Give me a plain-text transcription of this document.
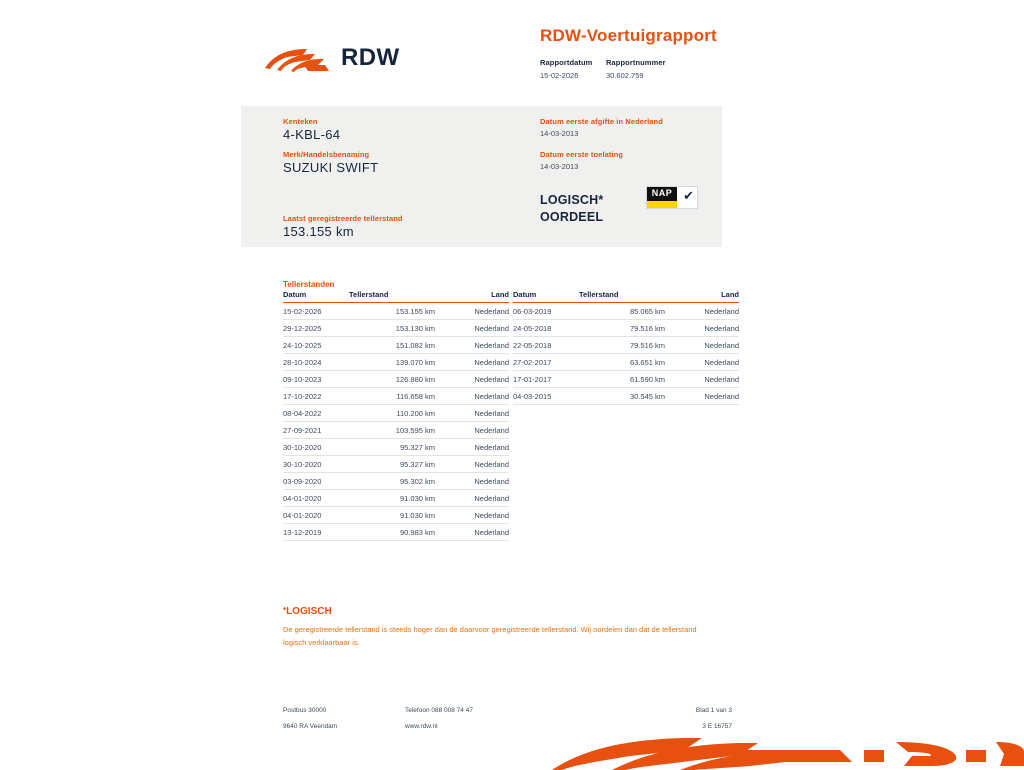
RDW
RDW-Voertuigrapport
Rapportdatum
15-02-2026
Rapportnummer
30.602.759
Kenteken
4-KBL-64
Merk/Handelsbenaming
SUZUKI SWIFT
Laatst geregistreerde tellerstand
153.155 km
Datum eerste afgifte in Nederland
14-03-2013
Datum eerste toelating
14-03-2013
LOGISCH*
OORDEEL
NAP ✔
Tellerstanden
Datum	Tellerstand	Land
15-02-2026	153.155 km	Nederland
29-12-2025	153.130 km	Nederland
24-10-2025	151.082 km	Nederland
28-10-2024	139.070 km	Nederland
09-10-2023	126.880 km	Nederland
17-10-2022	116.658 km	Nederland
08-04-2022	110.200 km	Nederland
27-09-2021	103.595 km	Nederland
30-10-2020	95.327 km	Nederland
30-10-2020	95.327 km	Nederland
03-09-2020	95.302 km	Nederland
04-01-2020	91.030 km	Nederland
04-01-2020	91.030 km	Nederland
13-12-2019	90.983 km	Nederland
Datum	Tellerstand	Land
06-03-2019	85.065 km	Nederland
24-05-2018	79.516 km	Nederland
22-05-2018	79.516 km	Nederland
27-02-2017	63.651 km	Nederland
17-01-2017	61.590 km	Nederland
04-03-2015	30.545 km	Nederland
*LOGISCH
De geregistreerde tellerstand is steeds hoger dan de daarvoor geregistreerde tellerstand. Wij oordelen dan dat de tellerstand logisch verklaarbaar is.
Postbus 30000
9640 RA Veendam
Telefoon 088 008 74 47
www.rdw.nl
Blad 1 van 3
3 E 16757
